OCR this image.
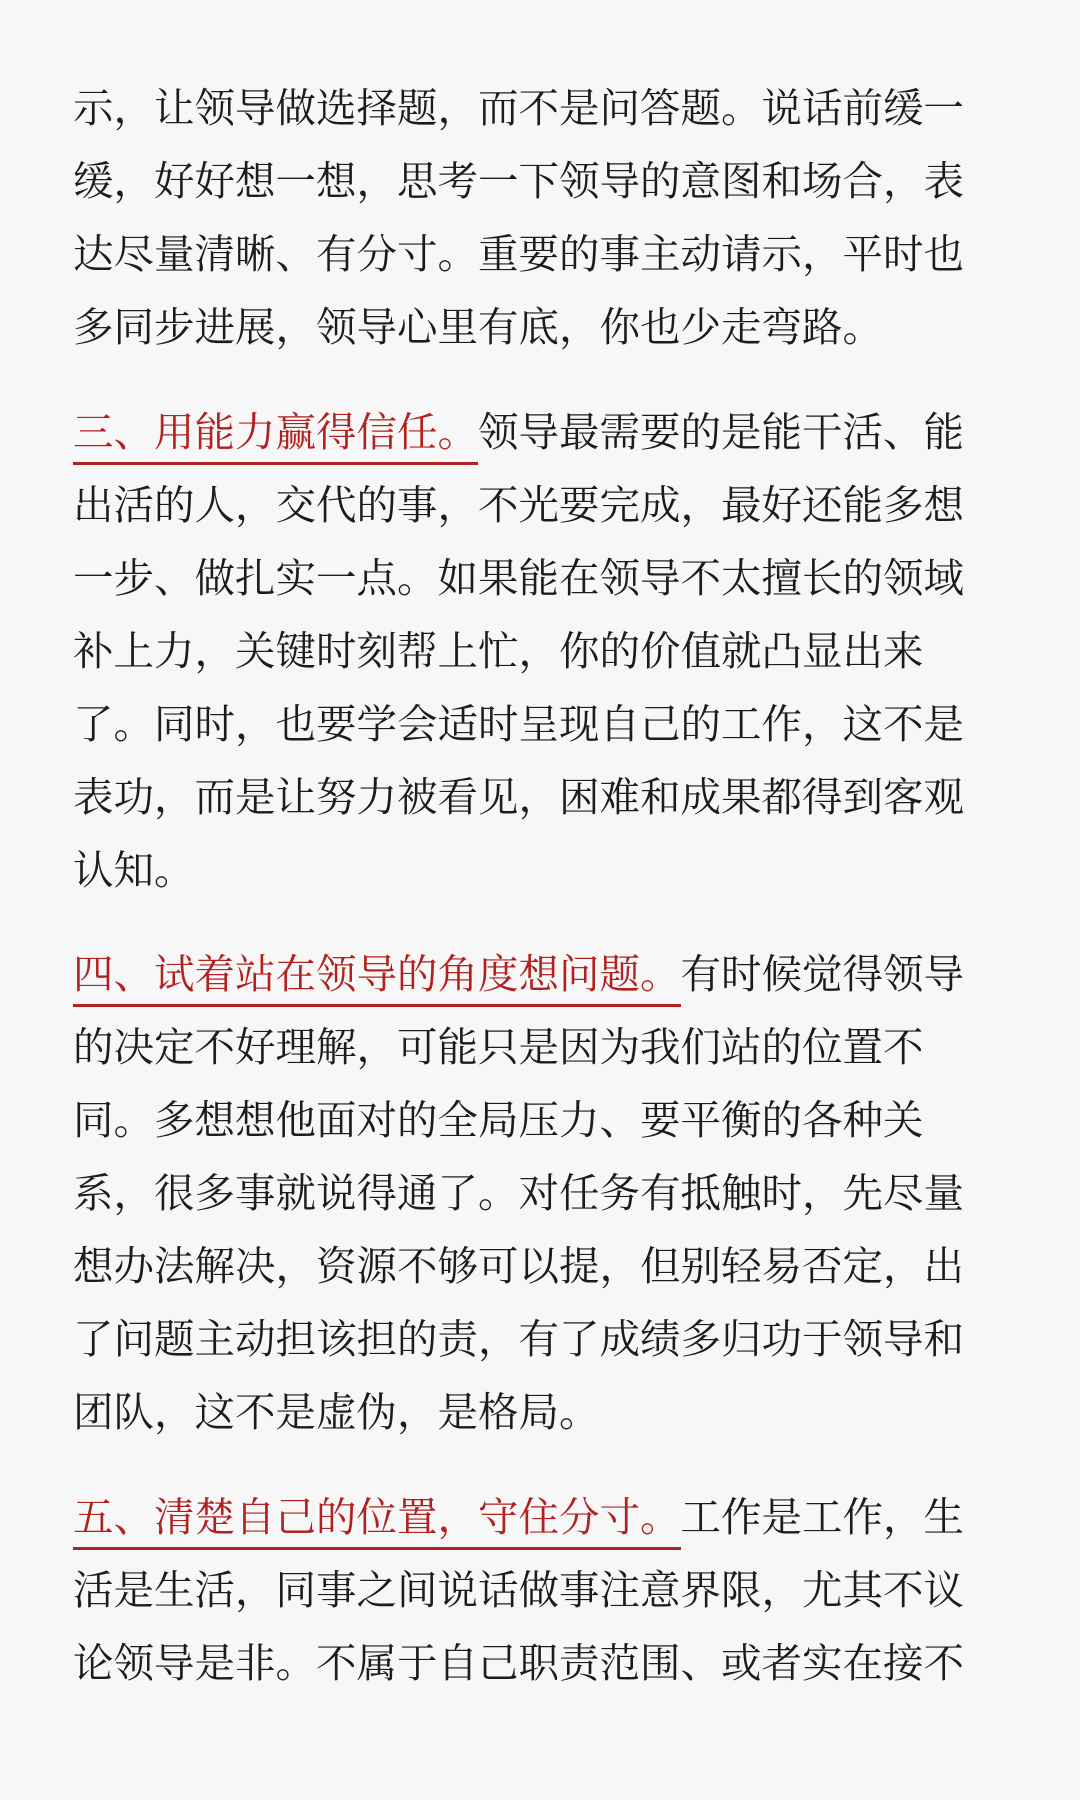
示，让领导做选择题，而不是问答题。说话前缓一
缓，好好想一想，思考一下领导的意图和场合，表
达尽量清晰、有分寸。重要的事主动请示，平时也
多同步进展，领导心里有底，你也少走弯路。
三、用能力赢得信任。领导最需要的是能干活、能
出活的人，交代的事，不光要完成，最好还能多想
一步、做扎实一点。如果能在领导不太擅长的领域
补上力，关键时刻帮上忙，你的价值就凸显出来
了。同时，也要学会适时呈现自己的工作，这不是
表功，而是让努力被看见，困难和成果都得到客观
认知。
四、试着站在领导的角度想问题。有时候觉得领导
的决定不好理解，可能只是因为我们站的位置不
同。多想想他面对的全局压力、要平衡的各种关
系，很多事就说得通了。对任务有抵触时，先尽量
想办法解决，资源不够可以提，但别轻易否定，出
了问题主动担该担的责，有了成绩多归功于领导和
团队，这不是虚伪，是格局。
五、清楚自己的位置，守住分寸。工作是工作，生
活是生活，同事之间说话做事注意界限，尤其不议
论领导是非。不属于自己职责范围、或者实在接不
